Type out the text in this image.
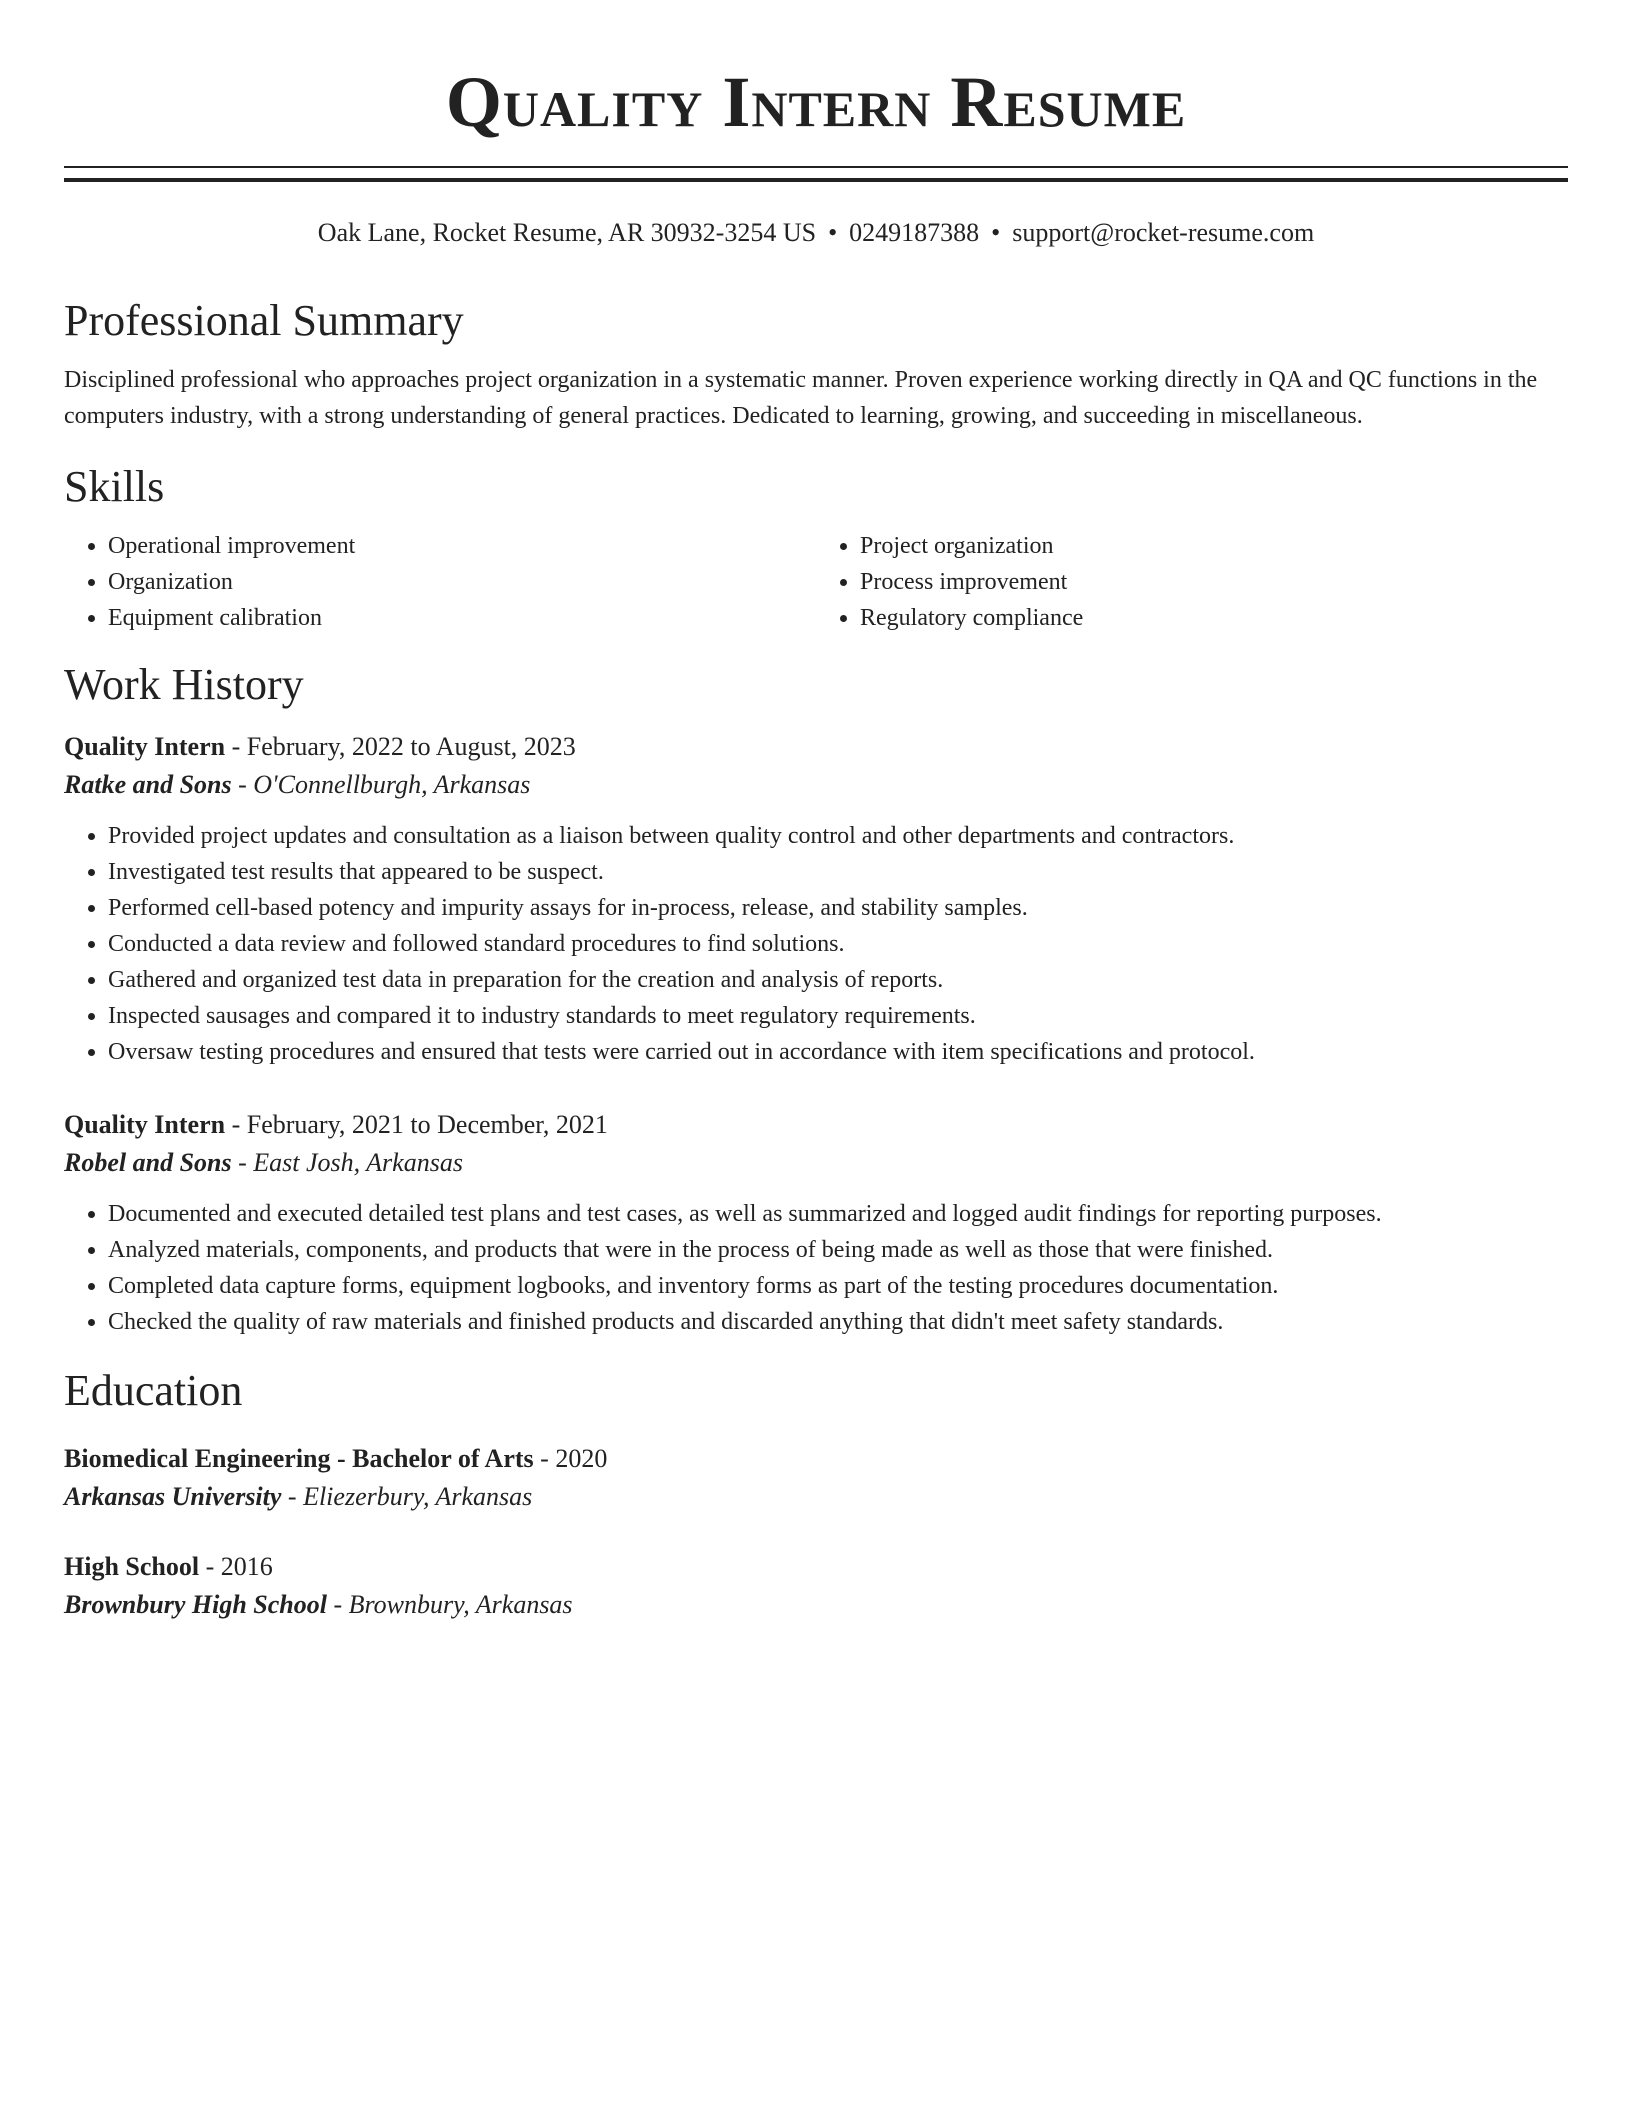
Quality Intern Resume
Oak Lane, Rocket Resume, AR 30932-3254 US • 0249187388 • support@rocket-resume.com
Professional Summary

Disciplined professional who approaches project organization in a systematic manner. Proven experience working directly in QA and QC functions in the computers industry, with a strong understanding of general practices. Dedicated to learning, growing, and succeeding in miscellaneous.

Skills
• Operational improvement
• Organization
• Equipment calibration
• Project organization
• Process improvement
• Regulatory compliance
Work History
Quality Intern - February, 2022 to August, 2023
Ratke and Sons - O'Connellburgh, Arkansas
• Provided project updates and consultation as a liaison between quality control and other departments and contractors.
• Investigated test results that appeared to be suspect.
• Performed cell-based potency and impurity assays for in-process, release, and stability samples.
• Conducted a data review and followed standard procedures to find solutions.
• Gathered and organized test data in preparation for the creation and analysis of reports.
• Inspected sausages and compared it to industry standards to meet regulatory requirements.
• Oversaw testing procedures and ensured that tests were carried out in accordance with item specifications and protocol.
Quality Intern - February, 2021 to December, 2021
Robel and Sons - East Josh, Arkansas
• Documented and executed detailed test plans and test cases, as well as summarized and logged audit findings for reporting purposes.
• Analyzed materials, components, and products that were in the process of being made as well as those that were finished.
• Completed data capture forms, equipment logbooks, and inventory forms as part of the testing procedures documentation.
• Checked the quality of raw materials and finished products and discarded anything that didn't meet safety standards.
Education
Biomedical Engineering - Bachelor of Arts - 2020
Arkansas University - Eliezerbury, Arkansas
High School - 2016
Brownbury High School - Brownbury, Arkansas
